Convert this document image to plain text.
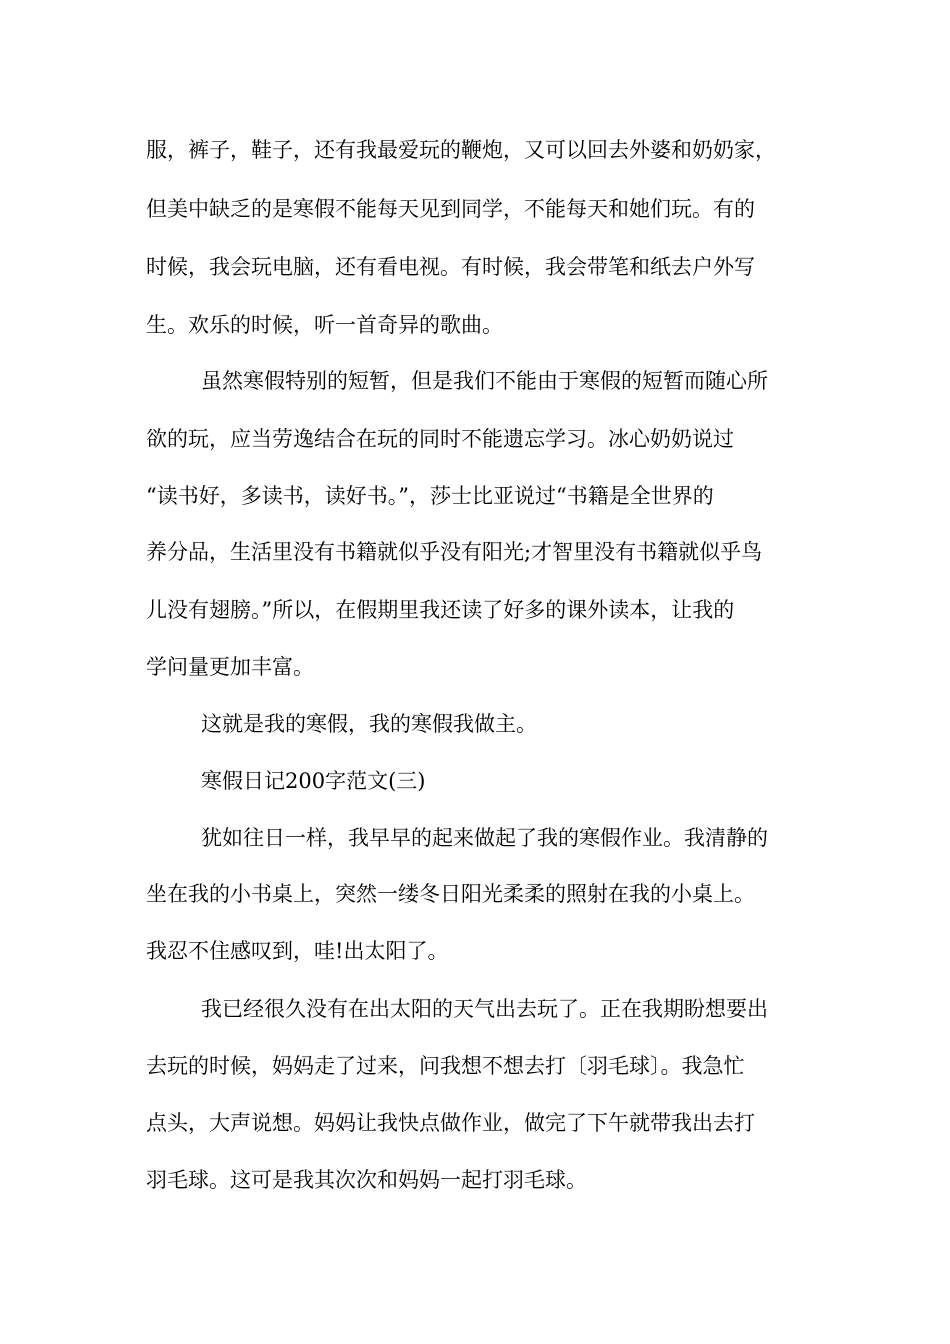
服，裤子，鞋子，还有我最爱玩的鞭炮，又可以回去外婆和奶奶家，
但美中缺乏的是寒假不能每天见到同学，不能每天和她们玩。有的
时候，我会玩电脑，还有看电视。有时候，我会带笔和纸去户外写
生。欢乐的时候，听一首奇异的歌曲。
虽然寒假特别的短暂，但是我们不能由于寒假的短暂而随心所
欲的玩，应当劳逸结合在玩的同时不能遗忘学习。冰心奶奶说过
“读书好，多读书，读好书。”，莎士比亚说过“书籍是全世界的
养分品，生活里没有书籍就似乎没有阳光;才智里没有书籍就似乎鸟
儿没有翅膀。”所以，在假期里我还读了好多的课外读本，让我的
学问量更加丰富。
这就是我的寒假，我的寒假我做主。
寒假日记200字范文(三)
犹如往日一样，我早早的起来做起了我的寒假作业。我清静的
坐在我的小书桌上，突然一缕冬日阳光柔柔的照射在我的小桌上。
我忍不住感叹到，哇!出太阳了。
我已经很久没有在出太阳的天气出去玩了。正在我期盼想要出
去玩的时候，妈妈走了过来，问我想不想去打〔羽毛球〕。我急忙
点头，大声说想。妈妈让我快点做作业，做完了下午就带我出去打
羽毛球。这可是我其次次和妈妈一起打羽毛球。
